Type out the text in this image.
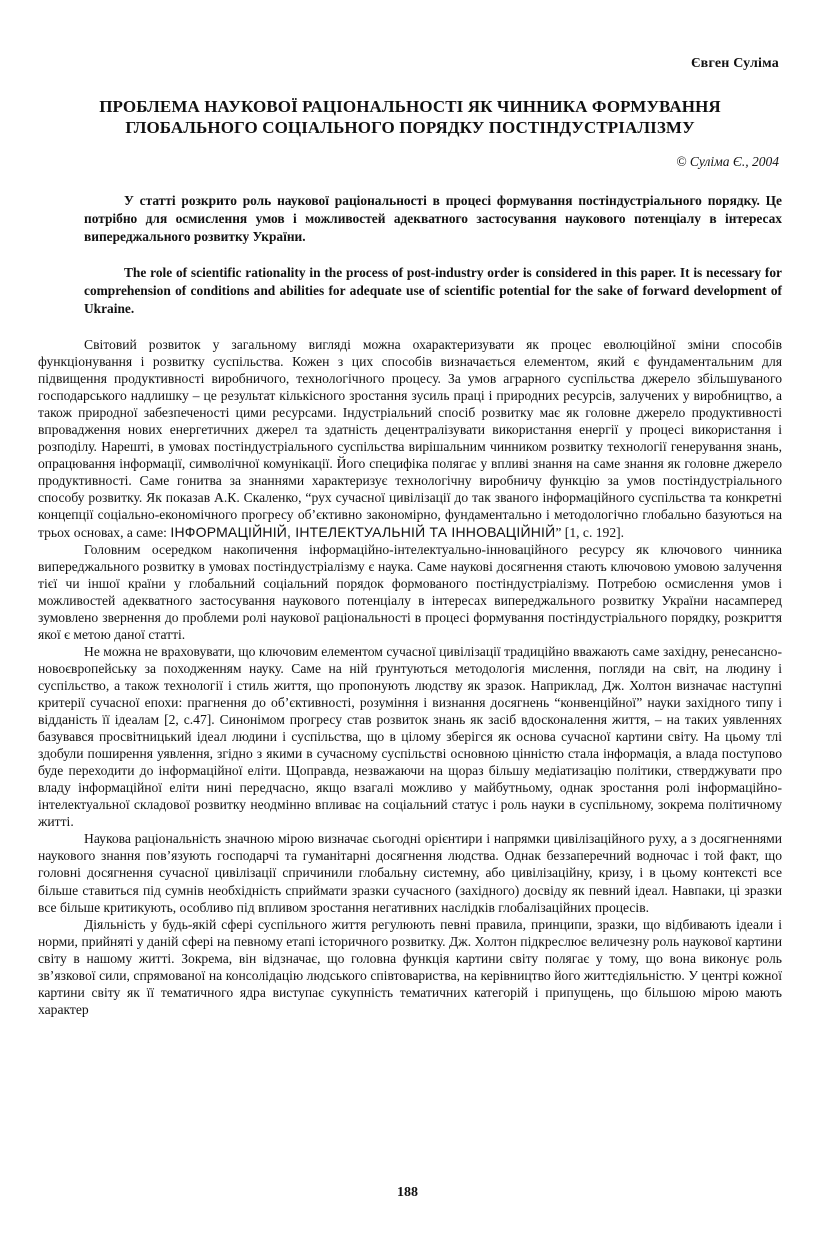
Євген Суліма
ПРОБЛЕМА НАУКОВОЇ РАЦІОНАЛЬНОСТІ ЯК ЧИННИКА ФОРМУВАННЯ
ГЛОБАЛЬНОГО СОЦІАЛЬНОГО ПОРЯДКУ ПОСТІНДУСТРІАЛІЗМУ
© Суліма Є., 2004

У статті розкрито роль наукової раціональності в процесі формування постіндустріального порядку. Це потрібно для осмислення умов і можливостей адекватного застосування наукового потенціалу в інтересах випереджального розвитку України.

The role of scientific rationality in the process of post-industry order is considered in this paper. It is necessary for comprehension of conditions and abilities for adequate use of scientific potential for the sake of forward development of Ukraine.

Світовий розвиток у загальному вигляді можна охарактеризувати як процес еволюційної зміни способів функціонування і розвитку суспільства. Кожен з цих способів визначається елементом, який є фундаментальним для підвищення продуктивності виробничого, технологічного процесу. За умов аграрного суспільства джерело збільшуваного господарського надлишку – це результат кількісного зростання зусиль праці і природних ресурсів, залучених у виробництво, а також природної забезпеченості цими ресурсами. Індустріальний спосіб розвитку має як головне джерело продуктивності впровадження нових енергетичних джерел та здатність децентралізувати використання енергії у процесі використання і розподілу. Нарешті, в умовах постіндустріального суспільства вирішальним чинником розвитку технології генерування знань, опрацювання інформації, символічної комунікації. Його специфіка полягає у впливі знання на саме знання як головне джерело продуктивності. Саме гонитва за знаннями характеризує технологічну виробничу функцію за умов постіндустріального способу розвитку. Як показав А.К. Скаленко, “рух сучасної цивілізації до так званого інформаційного суспільства та конкретні концепції соціально-економічного прогресу об’єктивно закономірно, фундаментально і методологічно глобально базуються на трьох основах, а саме: ІНФОРМАЦІЙНІЙ, ІНТЕЛЕКТУАЛЬНІЙ ТА ІННОВАЦІЙНІЙ” [1, с. 192].

Головним осередком накопичення інформаційно-інтелектуально-інноваційного ресурсу як ключового чинника випереджального розвитку в умовах постіндустріалізму є наука. Саме наукові досягнення стають ключовою умовою залучення тієї чи іншої країни у глобальний соціальний порядок формованого постіндустріалізму. Потребою осмислення умов і можливостей адекватного застосування наукового потенціалу в інтересах випереджального розвитку України насамперед зумовлено звернення до проблеми ролі наукової раціональності в процесі формування постіндустріального порядку, розкриття якої є метою даної статті.

Не можна не враховувати, що ключовим елементом сучасної цивілізації традиційно вважають саме західну, ренесансно-новоєвропейську за походженням науку. Саме на ній ґрунтуються методологія мислення, погляди на світ, на людину і суспільство, а також технології і стиль життя, що пропонують людству як зразок. Наприклад, Дж. Холтон визначає наступні критерії сучасної епохи: прагнення до об’єктивності, розуміння і визнання досягнень “конвенційної” науки західного типу і відданість її ідеалам [2, с.47]. Синонімом прогресу став розвиток знань як засіб вдосконалення життя, – на таких уявленнях базувався просвітницький ідеал людини і суспільства, що в цілому зберігся як основа сучасної картини світу. На цьому тлі здобули поширення уявлення, згідно з якими в сучасному суспільстві основною цінністю стала інформація, а влада поступово буде переходити до інформаційної еліти. Щоправда, незважаючи на щораз більшу медіатизацію політики, стверджувати про владу інформаційної еліти нині передчасно, якщо взагалі можливо у майбутньому, однак зростання ролі інформаційно-інтелектуальної складової розвитку неодмінно впливає на соціальний статус і роль науки в суспільному, зокрема політичному житті.

Наукова раціональність значною мірою визначає сьогодні орієнтири і напрямки цивілізаційного руху, а з досягненнями наукового знання пов’язують господарчі та гуманітарні досягнення людства. Однак беззаперечний водночас і той факт, що головні досягнення сучасної цивілізації спричинили глобальну системну, або цивілізаційну, кризу, і в цьому контексті все більше ставиться під сумнів необхідність сприймати зразки сучасного (західного) досвіду як певний ідеал. Навпаки, ці зразки все більше критикують, особливо під впливом зростання негативних наслідків глобалізаційних процесів.

Діяльність у будь-якій сфері суспільного життя регулюють певні правила, принципи, зразки, що відбивають ідеали і норми, прийняті у даній сфері на певному етапі історичного розвитку. Дж. Холтон підкреслює величезну роль наукової картини світу в нашому житті. Зокрема, він відзначає, що головна функція картини світу полягає у тому, що вона виконує роль зв’язкової сили, спрямованої на консолідацію людського співтовариства, на керівництво його життєдіяльністю. У центрі кожної картини світу як її тематичного ядра виступає сукупність тематичних категорій і припущень, що більшою мірою мають характер

188
